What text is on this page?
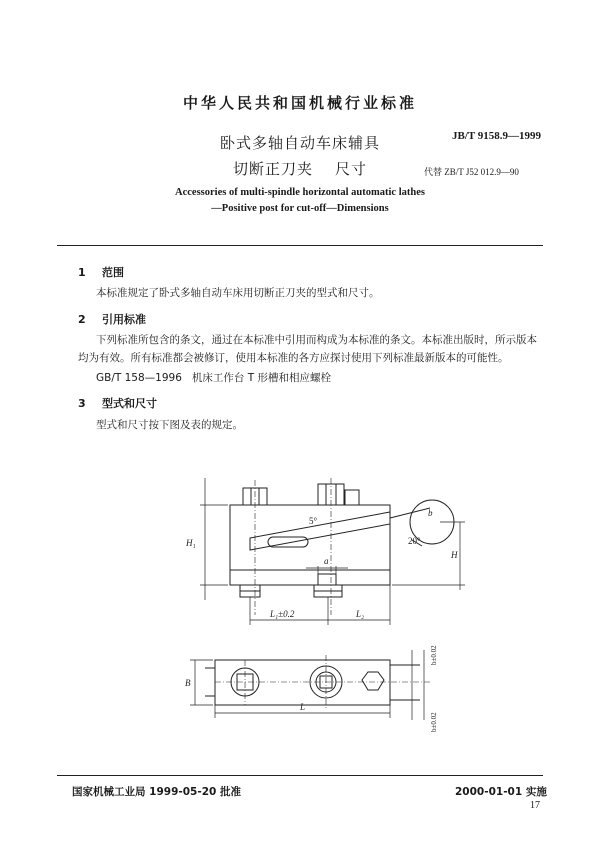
中华人民共和国机械行业标准
卧式多轴自动车床辅具	JB/T 9158.9—1999
切断正刀夹 尺寸	代替 ZB/T J52 012.9—90
Accessories of multi-spindle horizontal automatic lathes
—Positive post for cut-off—Dimensions
1 范围
本标准规定了卧式多轴自动车床用切断正刀夹的型式和尺寸。
2 引用标准
下列标准所包含的条文，通过在本标准中引用而构成为本标准的条文。本标准出版时，所示版本
均为有效。所有标准都会被修订，使用本标准的各方应探讨使用下列标准最新版本的可能性。
GB/T 158—1996   机床工作台 T 形槽和相应螺栓
3 型式和尺寸
型式和尺寸按下图及表的规定。
H₁
H
5°
20°
b
a
L₁±0.2	L₂
B
L
b±0.02
b±0.02
国家机械工业局 1999-05-20 批准	2000-01-01 实施
17
